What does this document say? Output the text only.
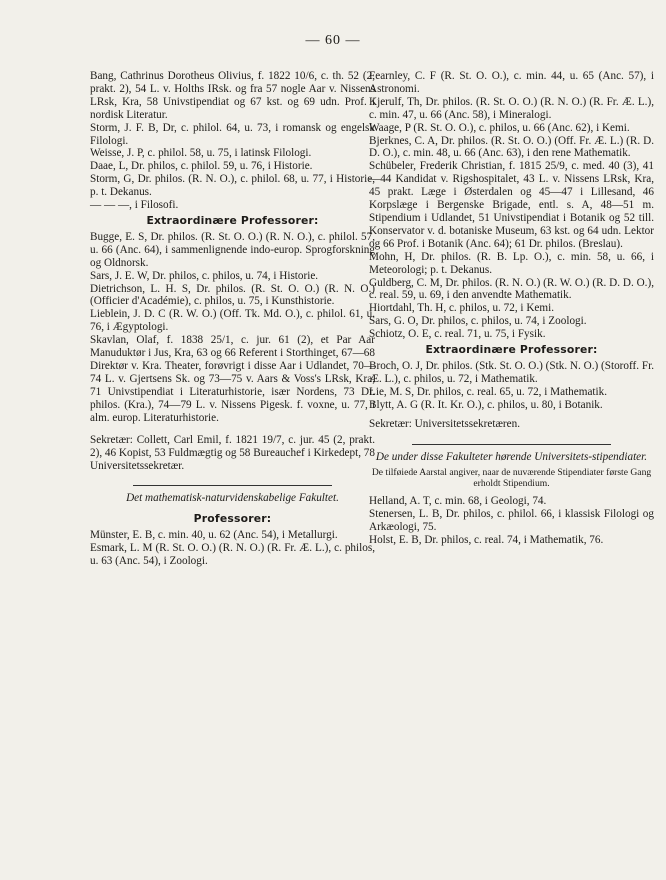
— 60 —

Bang, Cathrinus Dorotheus Olivius, f. 1822 10/6, c. th. 52 (2, prakt. 2), 54 L. v. Holths IRsk. og fra 57 nogle Aar v. Nissens LRsk, Kra, 58 Univstipendiat og 67 kst. og 69 udn. Prof. i nordisk Literatur.

Storm, J. F. B, Dr, c. philol. 64, u. 73, i romansk og engelsk Filologi.

Weisse, J. P, c. philol. 58, u. 75, i latinsk Filologi.

Daae, L, Dr. philos, c. philol. 59, u. 76, i Historie.

Storm, G, Dr. philos. (R. N. O.), c. philol. 68, u. 77, i Historie, p. t. Dekanus.

— — —, i Filosofi.

Extraordinære Professorer:

Bugge, E. S, Dr. philos. (R. St. O. O.) (R. N. O.), c. philol. 57, u. 66 (Anc. 64), i sammenlignende indo-europ. Sprogforskning og Oldnorsk.

Sars, J. E. W, Dr. philos, c. philos, u. 74, i Historie.

Dietrichson, L. H. S, Dr. philos. (R. St. O. O.) (R. N. O.) (Officier d'Académie), c. philos, u. 75, i Kunsthistorie.

Lieblein, J. D. C (R. W. O.) (Off. Tk. Md. O.), c. philol. 61, u. 76, i Ægyptologi.

Skavlan, Olaf, f. 1838 25/1, c. jur. 61 (2), et Par Aar Manuduktør i Jus, Kra, 63 og 66 Referent i Storthinget, 67—68 Direktør v. Kra. Theater, forøvrigt i disse Aar i Udlandet, 70—74 L. v. Gjertsens Sk. og 73—75 v. Aars & Voss's LRsk, Kra, 71 Univstipendiat i Literaturhistorie, især Nordens, 73 Dr. philos. (Kra.), 74—79 L. v. Nissens Pigesk. f. voxne, u. 77, i alm. europ. Literaturhistorie.

Sekretær: Collett, Carl Emil, f. 1821 19/7, c. jur. 45 (2, prakt. 2), 46 Kopist, 53 Fuldmægtig og 58 Bureauchef i Kirkedept, 78 Universitetssekretær.

Det mathematisk-naturvidenskabelige Fakultet.
Professorer:

Münster, E. B, c. min. 40, u. 62 (Anc. 54), i Metallurgi.

Esmark, L. M (R. St. O. O.) (R. N. O.) (R. Fr. Æ. L.), c. philos, u. 63 (Anc. 54), i Zoologi.

Fearnley, C. F (R. St. O. O.), c. min. 44, u. 65 (Anc. 57), i Astronomi.

Kjerulf, Th, Dr. philos. (R. St. O. O.) (R. N. O.) (R. Fr. Æ. L.), c. min. 47, u. 66 (Anc. 58), i Mineralogi.

Waage, P (R. St. O. O.), c. philos, u. 66 (Anc. 62), i Kemi.

Bjerknes, C. A, Dr. philos. (R. St. O. O.) (Off. Fr. Æ. L.) (R. D. D. O.), c. min. 48, u. 66 (Anc. 63), i den rene Mathematik.

Schübeler, Frederik Christian, f. 1815 25/9, c. med. 40 (3), 41—44 Kandidat v. Rigshospitalet, 43 L. v. Nissens LRsk, Kra, 45 prakt. Læge i Østerdalen og 45—47 i Lillesand, 46 Korpslæge i Bergenske Brigade, entl. s. A, 48—51 m. Stipendium i Udlandet, 51 Univstipendiat i Botanik og 52 till. Konservator v. d. botaniske Museum, 63 kst. og 64 udn. Lektor og 66 Prof. i Botanik (Anc. 64); 61 Dr. philos. (Breslau).

Mohn, H, Dr. philos. (R. B. Lp. O.), c. min. 58, u. 66, i Meteorologi; p. t. Dekanus.

Guldberg, C. M, Dr. philos. (R. N. O.) (R. W. O.) (R. D. D. O.), c. real. 59, u. 69, i den anvendte Mathematik.

Hiortdahl, Th. H, c. philos, u. 72, i Kemi.

Sars, G. O, Dr. philos, c. philos, u. 74, i Zoologi.

Schiotz, O. E, c. real. 71, u. 75, i Fysik.

Extraordinære Professorer:

Broch, O. J, Dr. philos. (Stk. St. O. O.) (Stk. N. O.) (Storoff. Fr. Æ. L.), c. philos, u. 72, i Mathematik.

Lie, M. S, Dr. philos, c. real. 65, u. 72, i Mathematik.

Blytt, A. G (R. It. Kr. O.), c. philos, u. 80, i Botanik.

Sekretær: Universitetssekretæren.

De under disse Fakulteter hørende Universitets-stipendiater.
De tilføiede Aarstal angiver, naar de nuværende Stipendiater første Gang erholdt Stipendium.

Helland, A. T, c. min. 68, i Geologi, 74.

Stenersen, L. B, Dr. philos, c. philol. 66, i klassisk Filologi og Arkæologi, 75.

Holst, E. B, Dr. philos, c. real. 74, i Mathematik, 76.
